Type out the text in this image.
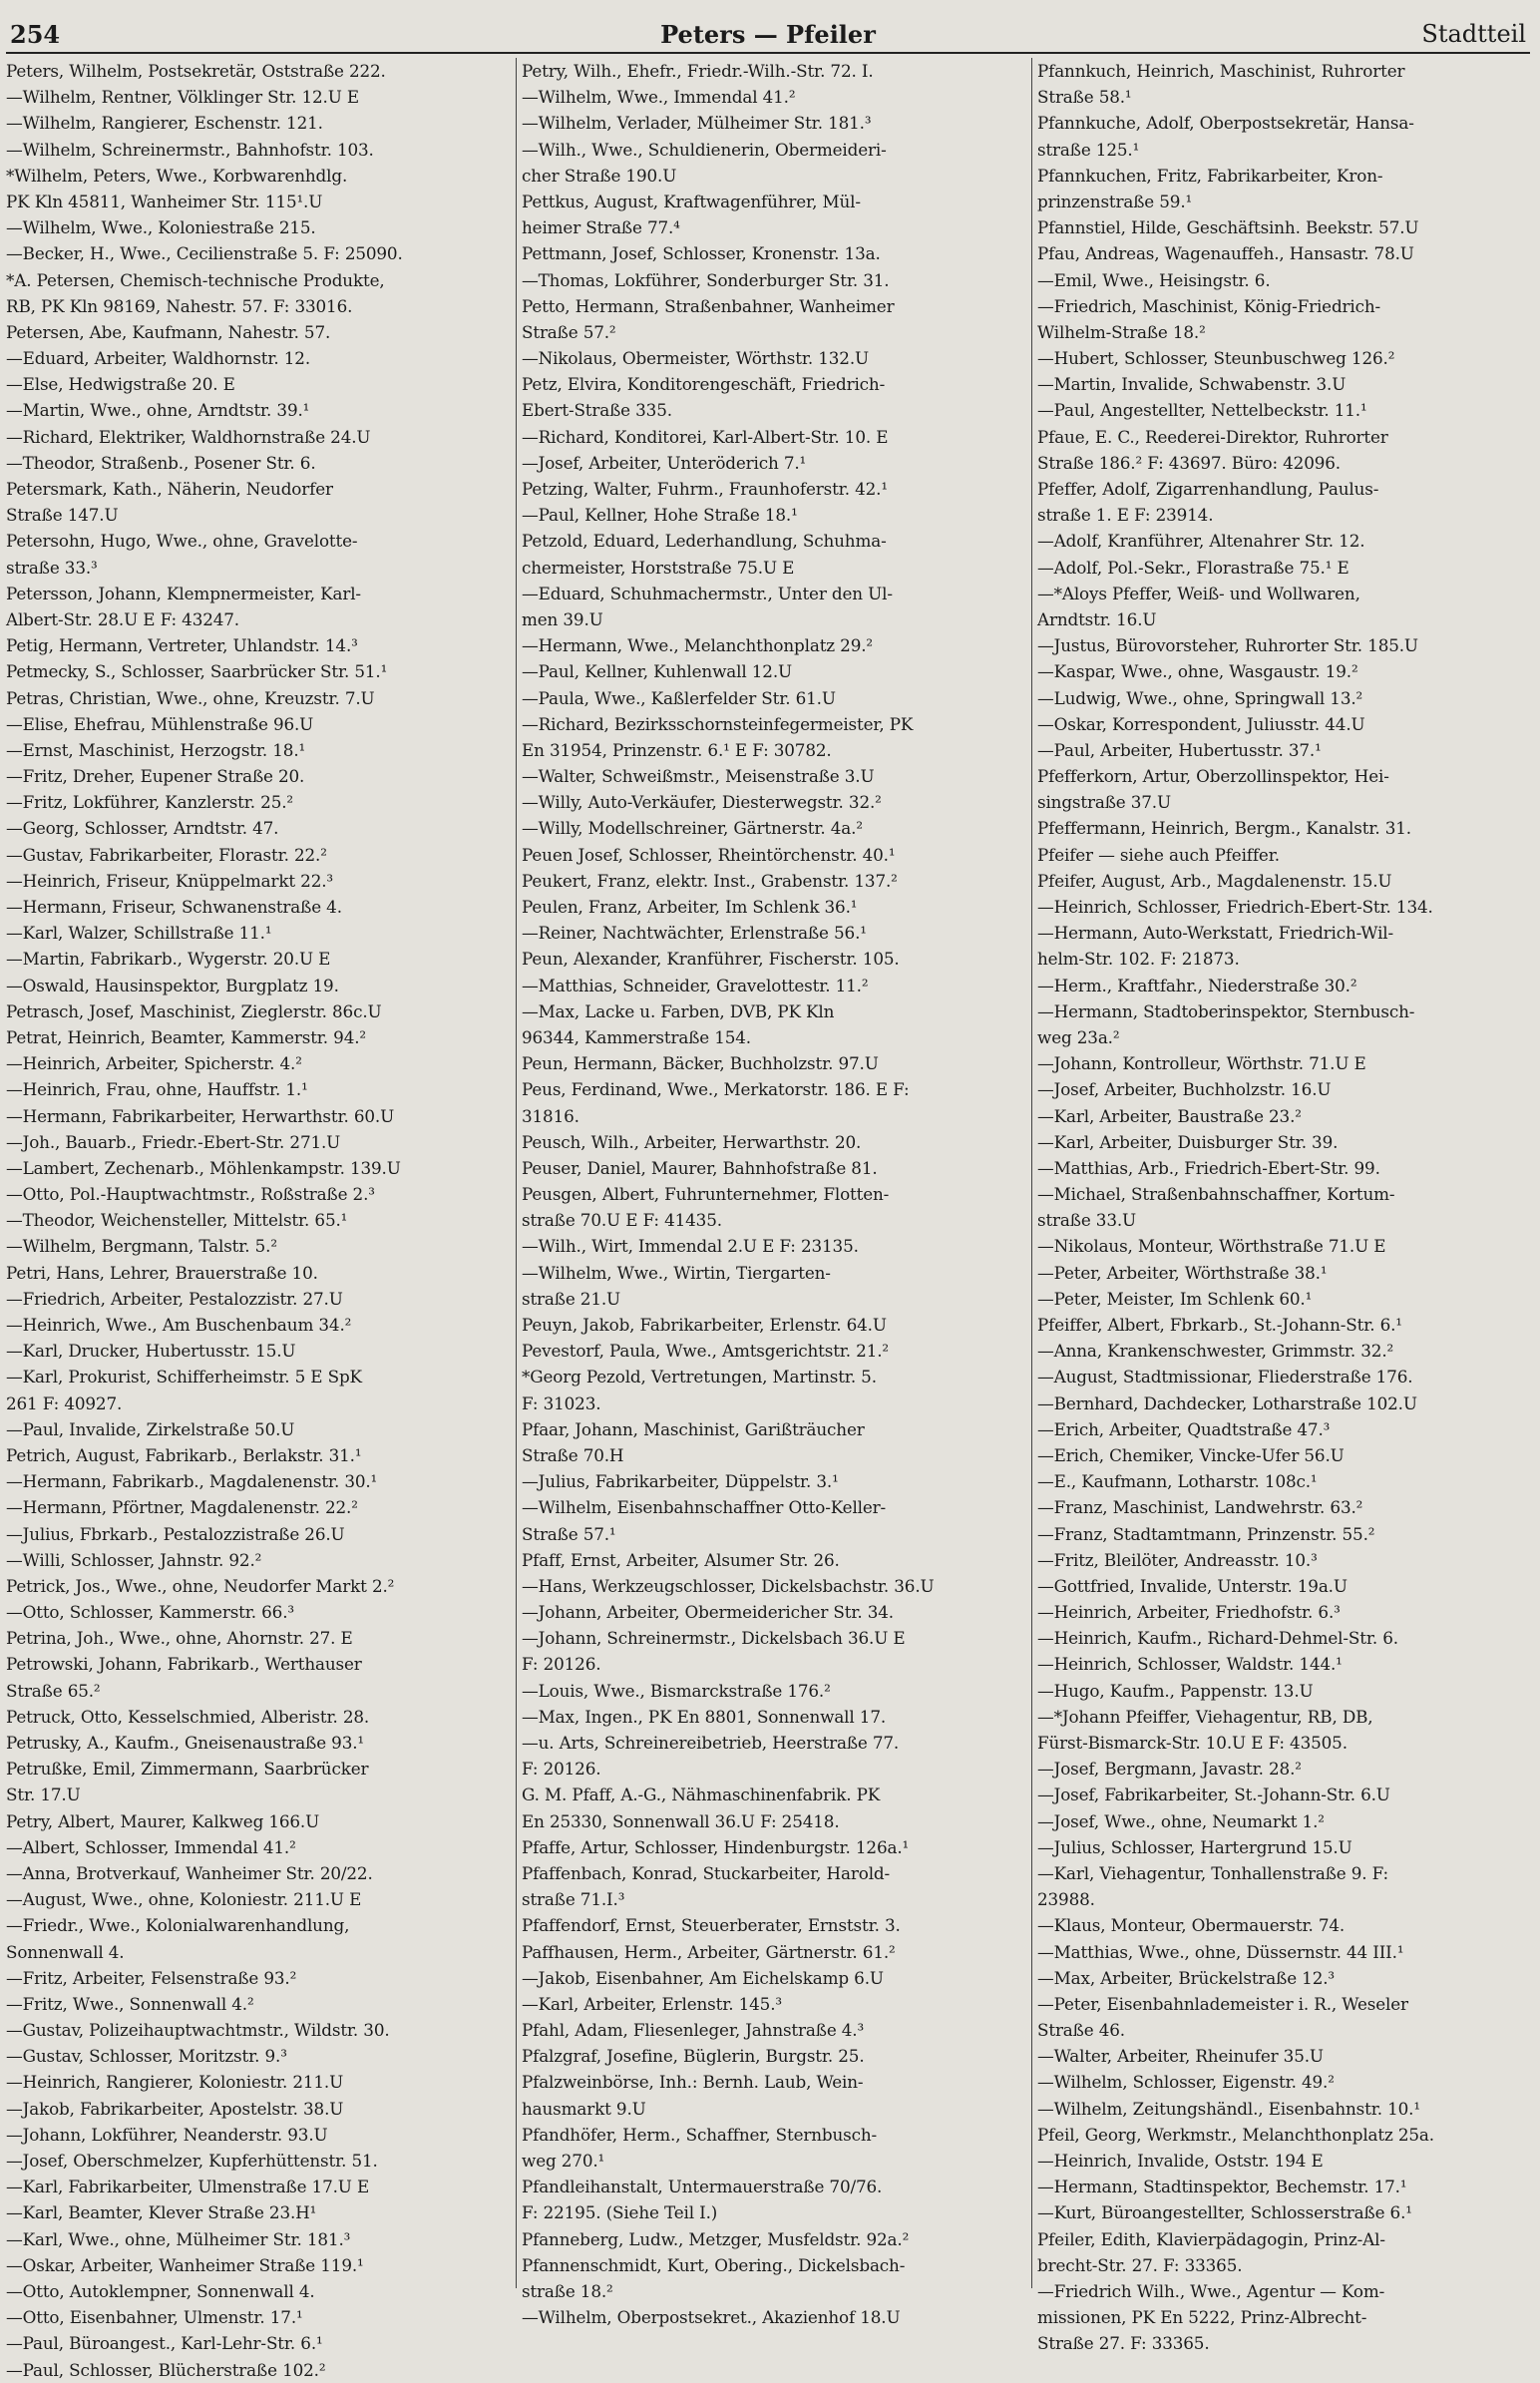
254	Peters — Pfeiler	Stadtteil
Peters, Wilhelm, Postsekretär, Oststraße 222.
—Wilhelm, Rentner, Völklinger Str. 12.U E
—Wilhelm, Rangierer, Eschenstr. 121.
—Wilhelm, Schreinermstr., Bahnhofstr. 103.
*Wilhelm, Peters, Wwe., Korbwarenhdlg.
PK Kln 45811, Wanheimer Str. 115¹.U
—Wilhelm, Wwe., Koloniestraße 215.
—Becker, H., Wwe., Cecilienstraße 5. F: 25090.
*A. Petersen, Chemisch-technische Produkte,
RB, PK Kln 98169, Nahestr. 57. F: 33016.
Petersen, Abe, Kaufmann, Nahestr. 57.
—Eduard, Arbeiter, Waldhornstr. 12.
—Else, Hedwigstraße 20. E
—Martin, Wwe., ohne, Arndtstr. 39.¹
—Richard, Elektriker, Waldhornstraße 24.U
—Theodor, Straßenb., Posener Str. 6.
Petersmark, Kath., Näherin, Neudorfer
Straße 147.U
Petersohn, Hugo, Wwe., ohne, Gravelotte-
straße 33.³
Petersson, Johann, Klempnermeister, Karl-
Albert-Str. 28.U E F: 43247.
Petig, Hermann, Vertreter, Uhlandstr. 14.³
Petmecky, S., Schlosser, Saarbrücker Str. 51.¹
Petras, Christian, Wwe., ohne, Kreuzstr. 7.U
—Elise, Ehefrau, Mühlenstraße 96.U
—Ernst, Maschinist, Herzogstr. 18.¹
—Fritz, Dreher, Eupener Straße 20.
—Fritz, Lokführer, Kanzlerstr. 25.²
—Georg, Schlosser, Arndtstr. 47.
—Gustav, Fabrikarbeiter, Florastr. 22.²
—Heinrich, Friseur, Knüppelmarkt 22.³
—Hermann, Friseur, Schwanenstraße 4.
—Karl, Walzer, Schillstraße 11.¹
—Martin, Fabrikarb., Wygerstr. 20.U E
—Oswald, Hausinspektor, Burgplatz 19.
Petrasch, Josef, Maschinist, Zieglerstr. 86c.U
Petrat, Heinrich, Beamter, Kammerstr. 94.²
—Heinrich, Arbeiter, Spicherstr. 4.²
—Heinrich, Frau, ohne, Hauffstr. 1.¹
—Hermann, Fabrikarbeiter, Herwarthstr. 60.U
—Joh., Bauarb., Friedr.-Ebert-Str. 271.U
—Lambert, Zechenarb., Möhlenkampstr. 139.U
—Otto, Pol.-Hauptwachtmstr., Roßstraße 2.³
—Theodor, Weichensteller, Mittelstr. 65.¹
—Wilhelm, Bergmann, Talstr. 5.²
Petri, Hans, Lehrer, Brauerstraße 10.
—Friedrich, Arbeiter, Pestalozzistr. 27.U
—Heinrich, Wwe., Am Buschenbaum 34.²
—Karl, Drucker, Hubertusstr. 15.U
—Karl, Prokurist, Schifferheimstr. 5 E SpK
261 F: 40927.
—Paul, Invalide, Zirkelstraße 50.U
Petrich, August, Fabrikarb., Berlakstr. 31.¹
—Hermann, Fabrikarb., Magdalenenstr. 30.¹
—Hermann, Pförtner, Magdalenenstr. 22.²
—Julius, Fbrkarb., Pestalozzistraße 26.U
—Willi, Schlosser, Jahnstr. 92.²
Petrick, Jos., Wwe., ohne, Neudorfer Markt 2.²
—Otto, Schlosser, Kammerstr. 66.³
Petrina, Joh., Wwe., ohne, Ahornstr. 27. E
Petrowski, Johann, Fabrikarb., Werthauser
Straße 65.²
Petruck, Otto, Kesselschmied, Alberistr. 28.
Petrusky, A., Kaufm., Gneisenaustraße 93.¹
Petrußke, Emil, Zimmermann, Saarbrücker
Str. 17.U
Petry, Albert, Maurer, Kalkweg 166.U
—Albert, Schlosser, Immendal 41.²
—Anna, Brotverkauf, Wanheimer Str. 20/22.
—August, Wwe., ohne, Koloniestr. 211.U E
—Friedr., Wwe., Kolonialwarenhandlung,
Sonnenwall 4.
—Fritz, Arbeiter, Felsenstraße 93.²
—Fritz, Wwe., Sonnenwall 4.²
—Gustav, Polizeihauptwachtmstr., Wildstr. 30.
—Gustav, Schlosser, Moritzstr. 9.³
—Heinrich, Rangierer, Koloniestr. 211.U
—Jakob, Fabrikarbeiter, Apostelstr. 38.U
—Johann, Lokführer, Neanderstr. 93.U
—Josef, Oberschmelzer, Kupferhüttenstr. 51.
—Karl, Fabrikarbeiter, Ulmenstraße 17.U E
—Karl, Beamter, Klever Straße 23.H¹
—Karl, Wwe., ohne, Mülheimer Str. 181.³
—Oskar, Arbeiter, Wanheimer Straße 119.¹
—Otto, Autoklempner, Sonnenwall 4.
—Otto, Eisenbahner, Ulmenstr. 17.¹
—Paul, Büroangest., Karl-Lehr-Str. 6.¹
—Paul, Schlosser, Blücherstraße 102.²
Petry, Wilh., Ehefr., Friedr.-Wilh.-Str. 72. I.
—Wilhelm, Wwe., Immendal 41.²
—Wilhelm, Verlader, Mülheimer Str. 181.³
—Wilh., Wwe., Schuldienerin, Obermeideri-
cher Straße 190.U
Pettkus, August, Kraftwagenführer, Mül-
heimer Straße 77.⁴
Pettmann, Josef, Schlosser, Kronenstr. 13a.
—Thomas, Lokführer, Sonderburger Str. 31.
Petto, Hermann, Straßenbahner, Wanheimer
Straße 57.²
—Nikolaus, Obermeister, Wörthstr. 132.U
Petz, Elvira, Konditorengeschäft, Friedrich-
Ebert-Straße 335.
—Richard, Konditorei, Karl-Albert-Str. 10. E
—Josef, Arbeiter, Unteröderich 7.¹
Petzing, Walter, Fuhrm., Fraunhoferstr. 42.¹
—Paul, Kellner, Hohe Straße 18.¹
Petzold, Eduard, Lederhandlung, Schuhma-
chermeister, Horststraße 75.U E
—Eduard, Schuhmachermstr., Unter den Ul-
men 39.U
—Hermann, Wwe., Melanchthonplatz 29.²
—Paul, Kellner, Kuhlenwall 12.U
—Paula, Wwe., Kaßlerfelder Str. 61.U
—Richard, Bezirksschornsteinfegermeister, PK
En 31954, Prinzenstr. 6.¹ E F: 30782.
—Walter, Schweißmstr., Meisenstraße 3.U
—Willy, Auto-Verkäufer, Diesterwegstr. 32.²
—Willy, Modellschreiner, Gärtnerstr. 4a.²
Peuen Josef, Schlosser, Rheintörchenstr. 40.¹
Peukert, Franz, elektr. Inst., Grabenstr. 137.²
Peulen, Franz, Arbeiter, Im Schlenk 36.¹
—Reiner, Nachtwächter, Erlenstraße 56.¹
Peun, Alexander, Kranführer, Fischerstr. 105.
—Matthias, Schneider, Gravelottestr. 11.²
—Max, Lacke u. Farben, DVB, PK Kln
96344, Kammerstraße 154.
Peun, Hermann, Bäcker, Buchholzstr. 97.U
Peus, Ferdinand, Wwe., Merkatorstr. 186. E F:
31816.
Peusch, Wilh., Arbeiter, Herwarthstr. 20.
Peuser, Daniel, Maurer, Bahnhofstraße 81.
Peusgen, Albert, Fuhrunternehmer, Flotten-
straße 70.U E F: 41435.
—Wilh., Wirt, Immendal 2.U E F: 23135.
—Wilhelm, Wwe., Wirtin, Tiergarten-
straße 21.U
Peuyn, Jakob, Fabrikarbeiter, Erlenstr. 64.U
Pevestorf, Paula, Wwe., Amtsgerichtstr. 21.²
*Georg Pezold, Vertretungen, Martinstr. 5.
F: 31023.
Pfaar, Johann, Maschinist, Garißträucher
Straße 70.H
—Julius, Fabrikarbeiter, Düppelstr. 3.¹
—Wilhelm, Eisenbahnschaffner Otto-Keller-
Straße 57.¹
Pfaff, Ernst, Arbeiter, Alsumer Str. 26.
—Hans, Werkzeugschlosser, Dickelsbachstr. 36.U
—Johann, Arbeiter, Obermeidericher Str. 34.
—Johann, Schreinermstr., Dickelsbach 36.U E
F: 20126.
—Louis, Wwe., Bismarckstraße 176.²
—Max, Ingen., PK En 8801, Sonnenwall 17.
—u. Arts, Schreinereibetrieb, Heerstraße 77.
F: 20126.
G. M. Pfaff, A.-G., Nähmaschinenfabrik. PK
En 25330, Sonnenwall 36.U F: 25418.
Pfaffe, Artur, Schlosser, Hindenburgstr. 126a.¹
Pfaffenbach, Konrad, Stuckarbeiter, Harold-
straße 71.I.³
Pfaffendorf, Ernst, Steuerberater, Ernststr. 3.
Paffhausen, Herm., Arbeiter, Gärtnerstr. 61.²
—Jakob, Eisenbahner, Am Eichelskamp 6.U
—Karl, Arbeiter, Erlenstr. 145.³
Pfahl, Adam, Fliesenleger, Jahnstraße 4.³
Pfalzgraf, Josefine, Büglerin, Burgstr. 25.
Pfalzweinbörse, Inh.: Bernh. Laub, Wein-
hausmarkt 9.U
Pfandhöfer, Herm., Schaffner, Sternbusch-
weg 270.¹
Pfandleihanstalt, Untermauerstraße 70/76.
F: 22195. (Siehe Teil I.)
Pfanneberg, Ludw., Metzger, Musfeldstr. 92a.²
Pfannenschmidt, Kurt, Obering., Dickelsbach-
straße 18.²
—Wilhelm, Oberpostsekret., Akazienhof 18.U
Pfannkuch, Heinrich, Maschinist, Ruhrorter
Straße 58.¹
Pfannkuche, Adolf, Oberpostsekretär, Hansa-
straße 125.¹
Pfannkuchen, Fritz, Fabrikarbeiter, Kron-
prinzenstraße 59.¹
Pfannstiel, Hilde, Geschäftsinh. Beekstr. 57.U
Pfau, Andreas, Wagenauffeh., Hansastr. 78.U
—Emil, Wwe., Heisingstr. 6.
—Friedrich, Maschinist, König-Friedrich-
Wilhelm-Straße 18.²
—Hubert, Schlosser, Steunbuschweg 126.²
—Martin, Invalide, Schwabenstr. 3.U
—Paul, Angestellter, Nettelbeckstr. 11.¹
Pfaue, E. C., Reederei-Direktor, Ruhrorter
Straße 186.² F: 43697. Büro: 42096.
Pfeffer, Adolf, Zigarrenhandlung, Paulus-
straße 1. E F: 23914.
—Adolf, Kranführer, Altenahrer Str. 12.
—Adolf, Pol.-Sekr., Florastraße 75.¹ E
—*Aloys Pfeffer, Weiß- und Wollwaren,
Arndtstr. 16.U
—Justus, Bürovorsteher, Ruhrorter Str. 185.U
—Kaspar, Wwe., ohne, Wasgaustr. 19.²
—Ludwig, Wwe., ohne, Springwall 13.²
—Oskar, Korrespondent, Juliusstr. 44.U
—Paul, Arbeiter, Hubertusstr. 37.¹
Pfefferkorn, Artur, Oberzollinspektor, Hei-
singstraße 37.U
Pfeffermann, Heinrich, Bergm., Kanalstr. 31.
Pfeifer — siehe auch Pfeiffer.
Pfeifer, August, Arb., Magdalenenstr. 15.U
—Heinrich, Schlosser, Friedrich-Ebert-Str. 134.
—Hermann, Auto-Werkstatt, Friedrich-Wil-
helm-Str. 102. F: 21873.
—Herm., Kraftfahr., Niederstraße 30.²
—Hermann, Stadtoberinspektor, Sternbusch-
weg 23a.²
—Johann, Kontrolleur, Wörthstr. 71.U E
—Josef, Arbeiter, Buchholzstr. 16.U
—Karl, Arbeiter, Baustraße 23.²
—Karl, Arbeiter, Duisburger Str. 39.
—Matthias, Arb., Friedrich-Ebert-Str. 99.
—Michael, Straßenbahnschaffner, Kortum-
straße 33.U
—Nikolaus, Monteur, Wörthstraße 71.U E
—Peter, Arbeiter, Wörthstraße 38.¹
—Peter, Meister, Im Schlenk 60.¹
Pfeiffer, Albert, Fbrkarb., St.-Johann-Str. 6.¹
—Anna, Krankenschwester, Grimmstr. 32.²
—August, Stadtmissionar, Fliederstraße 176.
—Bernhard, Dachdecker, Lotharstraße 102.U
—Erich, Arbeiter, Quadtstraße 47.³
—Erich, Chemiker, Vincke-Ufer 56.U
—E., Kaufmann, Lotharstr. 108c.¹
—Franz, Maschinist, Landwehrstr. 63.²
—Franz, Stadtamtmann, Prinzenstr. 55.²
—Fritz, Bleilöter, Andreasstr. 10.³
—Gottfried, Invalide, Unterstr. 19a.U
—Heinrich, Arbeiter, Friedhofstr. 6.³
—Heinrich, Kaufm., Richard-Dehmel-Str. 6.
—Heinrich, Schlosser, Waldstr. 144.¹
—Hugo, Kaufm., Pappenstr. 13.U
—*Johann Pfeiffer, Viehagentur, RB, DB,
Fürst-Bismarck-Str. 10.U E F: 43505.
—Josef, Bergmann, Javastr. 28.²
—Josef, Fabrikarbeiter, St.-Johann-Str. 6.U
—Josef, Wwe., ohne, Neumarkt 1.²
—Julius, Schlosser, Hartergrund 15.U
—Karl, Viehagentur, Tonhallenstraße 9. F:
23988.
—Klaus, Monteur, Obermauerstr. 74.
—Matthias, Wwe., ohne, Düssernstr. 44 III.¹
—Max, Arbeiter, Brückelstraße 12.³
—Peter, Eisenbahnlademeister i. R., Weseler
Straße 46.
—Walter, Arbeiter, Rheinufer 35.U
—Wilhelm, Schlosser, Eigenstr. 49.²
—Wilhelm, Zeitungshändl., Eisenbahnstr. 10.¹
Pfeil, Georg, Werkmstr., Melanchthonplatz 25a.
—Heinrich, Invalide, Oststr. 194 E
—Hermann, Stadtinspektor, Bechemstr. 17.¹
—Kurt, Büroangestellter, Schlosserstraße 6.¹
Pfeiler, Edith, Klavierpädagogin, Prinz-Al-
brecht-Str. 27. F: 33365.
—Friedrich Wilh., Wwe., Agentur — Kom-
missionen, PK En 5222, Prinz-Albrecht-
Straße 27. F: 33365.
